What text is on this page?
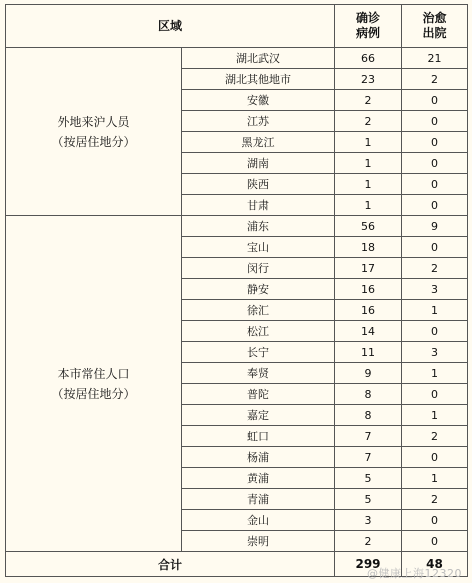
区域		确诊病例	治愈出院

外地来沪人员
（按居住地分）	湖北武汉	66	21
	湖北其他地市	23	2
	安徽	2	0
	江苏	2	0
	黑龙江	1	0
	湖南	1	0
	陕西	1	0
	甘肃	1	0

本市常住人口
（按居住地分）	浦东	56	9
	宝山	18	0
	闵行	17	2
	静安	16	3
	徐汇	16	1
	松江	14	0
	长宁	11	3
	奉贤	9	1
	普陀	8	0
	嘉定	8	1
	虹口	7	2
	杨浦	7	0
	黄浦	5	1
	青浦	5	2
	金山	3	0
	崇明	2	0
合计		299	48
@健康上海12320
